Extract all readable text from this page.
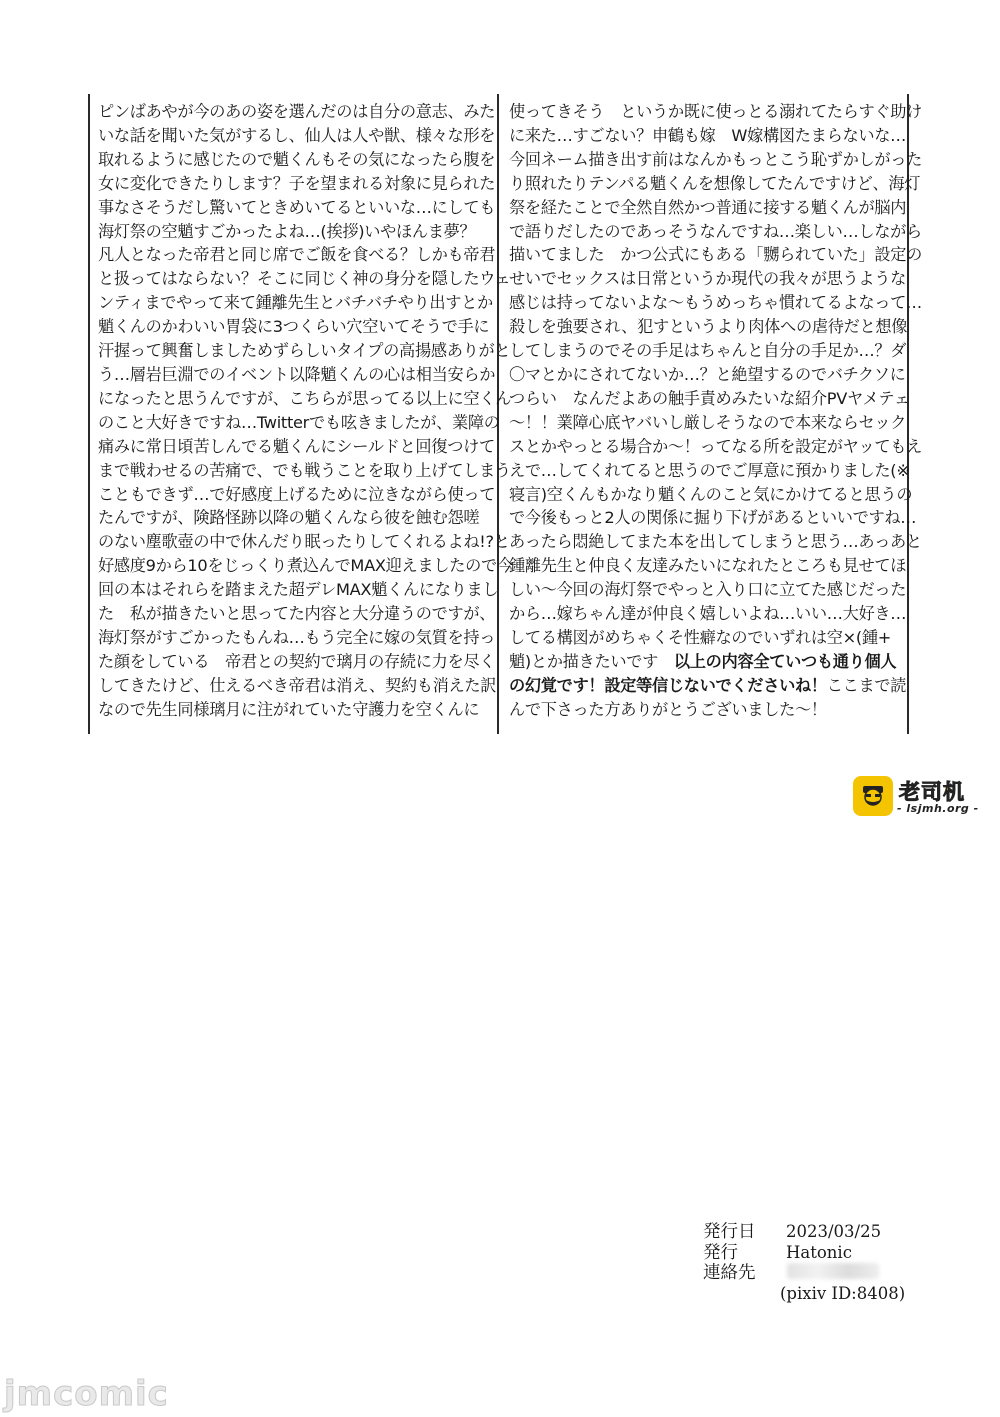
ピンばあやが今のあの姿を選んだのは自分の意志、みた
いな話を聞いた気がするし、仙人は人や獣、様々な形を
取れるように感じたので魈くんもその気になったら腹を
女に変化できたりします？子を望まれる対象に見られた
事なさそうだし驚いてときめいてるといいな…にしても
海灯祭の空魈すごかったよね…(挨拶)いやほんま夢？
凡人となった帝君と同じ席でご飯を食べる？しかも帝君
と扱ってはならない？そこに同じく神の身分を隠したウェ
ンティまでやって来て鍾離先生とバチバチやり出すとか
魈くんのかわいい胃袋に3つくらい穴空いてそうで手に
汗握って興奮しましためずらしいタイプの高揚感ありがと
う…層岩巨淵でのイベント以降魈くんの心は相当安らか
になったと思うんですが、こちらが思ってる以上に空くん
のこと大好きですね…Twitterでも呟きましたが、業障の
痛みに常日頃苦しんでる魈くんにシールドと回復つけて
まで戦わせるの苦痛で、でも戦うことを取り上げてしまう
こともできず…で好感度上げるために泣きながら使って
たんですが、険路怪跡以降の魈くんなら彼を蝕む怨嗟
のない塵歌壺の中で休んだり眠ったりしてくれるよね!?と
好感度9から10をじっくり煮込んでMAX迎えましたので今
回の本はそれらを踏まえた超デレMAX魈くんになりまし
た　私が描きたいと思ってた内容と大分違うのですが、
海灯祭がすごかったもんね…もう完全に嫁の気質を持っ
た顔をしている　帝君との契約で璃月の存続に力を尽く
してきたけど、仕えるべき帝君は消え、契約も消えた訳
なので先生同様璃月に注がれていた守護力を空くんに
使ってきそう　というか既に使っとる溺れてたらすぐ助け
に来た…すごない？申鶴も嫁　W嫁構図たまらないな…
今回ネーム描き出す前はなんかもっとこう恥ずかしがった
り照れたりテンパる魈くんを想像してたんですけど、海灯
祭を経たことで全然自然かつ普通に接する魈くんが脳内
で語りだしたのであっそうなんですね…楽しい…しながら
描いてました　かつ公式にもある「嬲られていた」設定の
せいでセックスは日常というか現代の我々が思うような
感じは持ってないよな〜もうめっちゃ慣れてるよなって…
殺しを強要され、犯すというより肉体への虐待だと想像
してしまうのでその手足はちゃんと自分の手足か…？ダ
〇マとかにされてないか…？と絶望するのでバチクソに
つらい　なんだよあの触手責めみたいな紹介PVヤメテェ
〜！！業障心底ヤバいし厳しそうなので本来ならセック
スとかやっとる場合か〜！ってなる所を設定がヤッてもえ
えで…してくれてると思うのでご厚意に預かりました(※
寝言)空くんもかなり魈くんのこと気にかけてると思うの
で今後もっと2人の関係に掘り下げがあるといいですね…
あったら悶絶してまた本を出してしまうと思う…あっあと
鍾離先生と仲良く友達みたいになれたところも見せてほ
しい〜今回の海灯祭でやっと入り口に立てた感じだった
から…嫁ちゃん達が仲良く嬉しいよね…いい…大好き…
してる構図がめちゃくそ性癖なのでいずれは空×(鍾+
魈)とか描きたいです　以上の内容全ていつも通り個人
の幻覚です！設定等信じないでくださいね！ここまで読
んで下さった方ありがとうございました〜！
老司机
- lsjmh.org -
発行日 2023/03/25
発行	Hatonic
連絡先
(pixiv ID:8408)
jmcomic
